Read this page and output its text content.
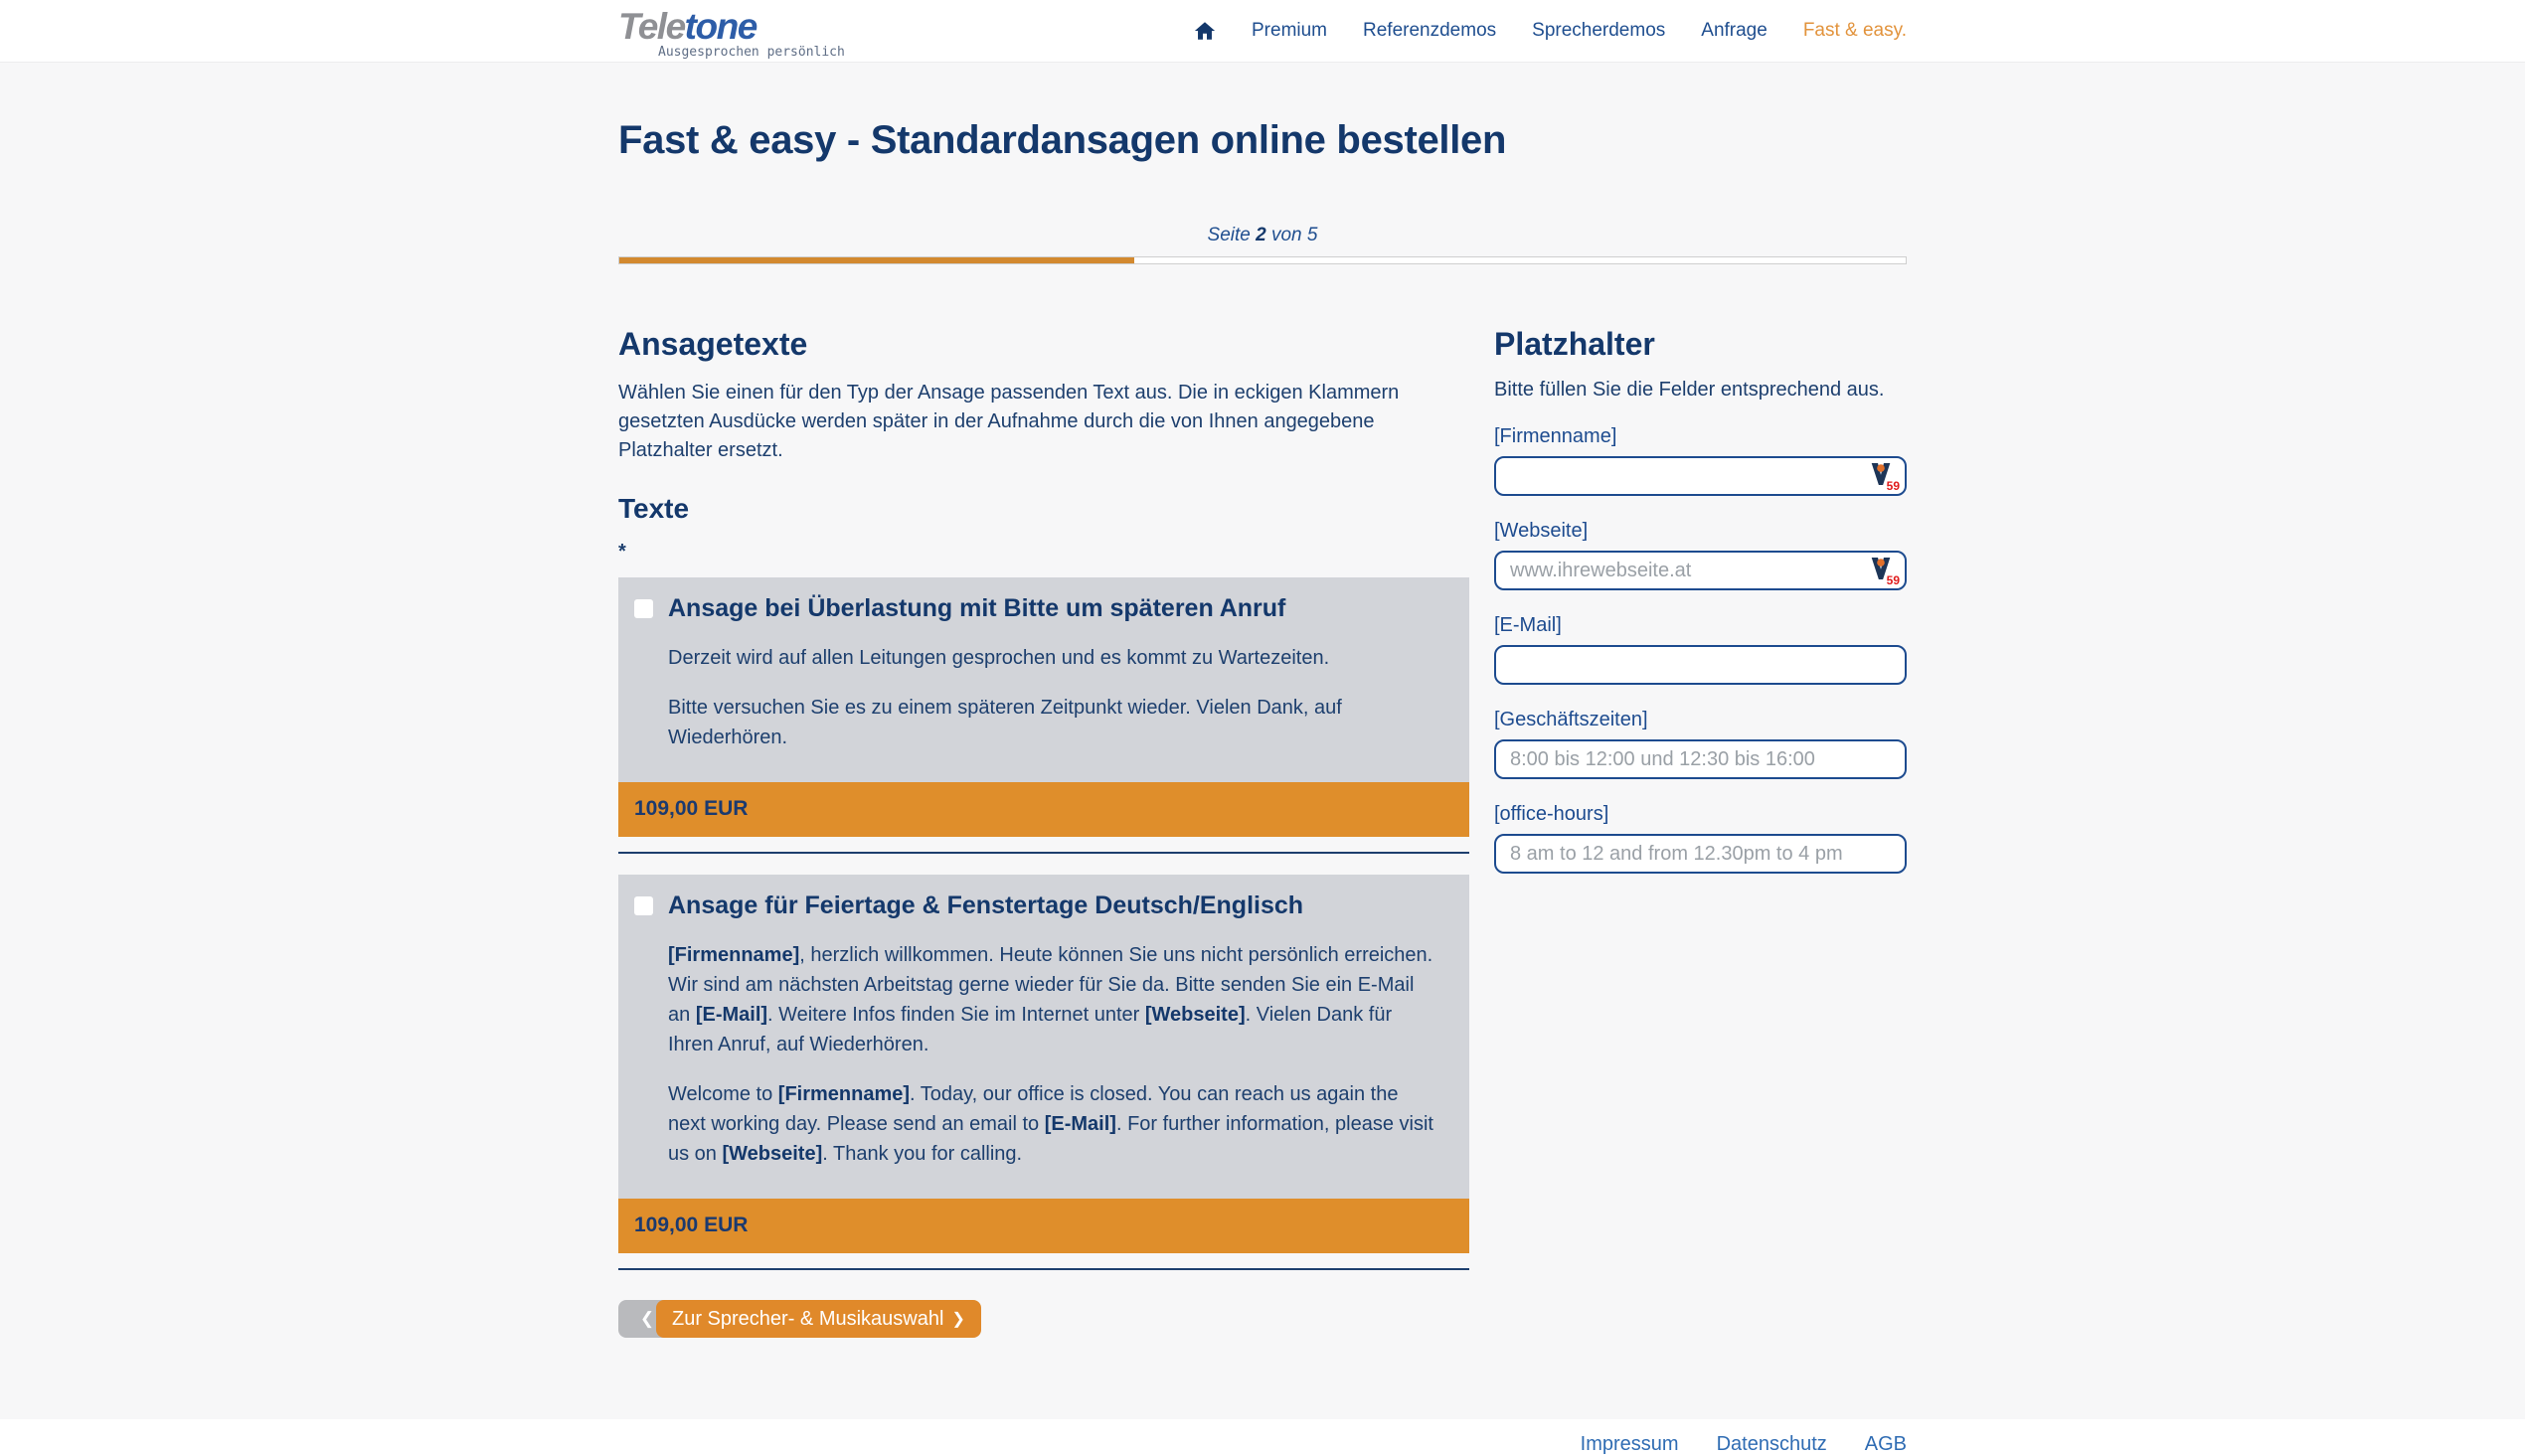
Teletone
Ausgesprochen persönlich
Premium Referenzdemos Sprecherdemos Anfrage Fast & easy.
Fast & easy - Standardansagen online bestellen
Seite 2 von 5
Ansagetexte

Wählen Sie einen für den Typ der Ansage passenden Text aus. Die in eckigen Klammern gesetzten Ausdücke werden später in der Aufnahme durch die von Ihnen angegebene Platzhalter ersetzt.

Texte
*
Ansage bei Überlastung mit Bitte um späteren Anruf

Derzeit wird auf allen Leitungen gesprochen und es kommt zu Wartezeiten.

Bitte versuchen Sie es zu einem späteren Zeitpunkt wieder. Vielen Dank, auf Wiederhören.

109,00 EUR
Ansage für Feiertage & Fenstertage Deutsch/Englisch

[Firmenname], herzlich willkommen. Heute können Sie uns nicht persönlich erreichen. Wir sind am nächsten Arbeitstag gerne wieder für Sie da. Bitte senden Sie ein E-Mail an [E-Mail]. Weitere Infos finden Sie im Internet unter [Webseite]. Vielen Dank für Ihren Anruf, auf Wiederhören.

Welcome to [Firmenname]. Today, our office is closed. You can reach us again the next working day. Please send an email to [E-Mail]. For further information, please visit us on [Webseite]. Thank you for calling.

109,00 EUR
❮ Zur Sprecher- & Musikauswahl ❯
Platzhalter

Bitte füllen Sie die Felder entsprechend aus.

[Firmenname]
59
[Webseite]
www.ihrewebseite.at
59
[E-Mail]
[Geschäftszeiten]
8:00 bis 12:00 und 12:30 bis 16:00
[office-hours]
8 am to 12 and from 12.30pm to 4 pm
Impressum Datenschutz AGB
